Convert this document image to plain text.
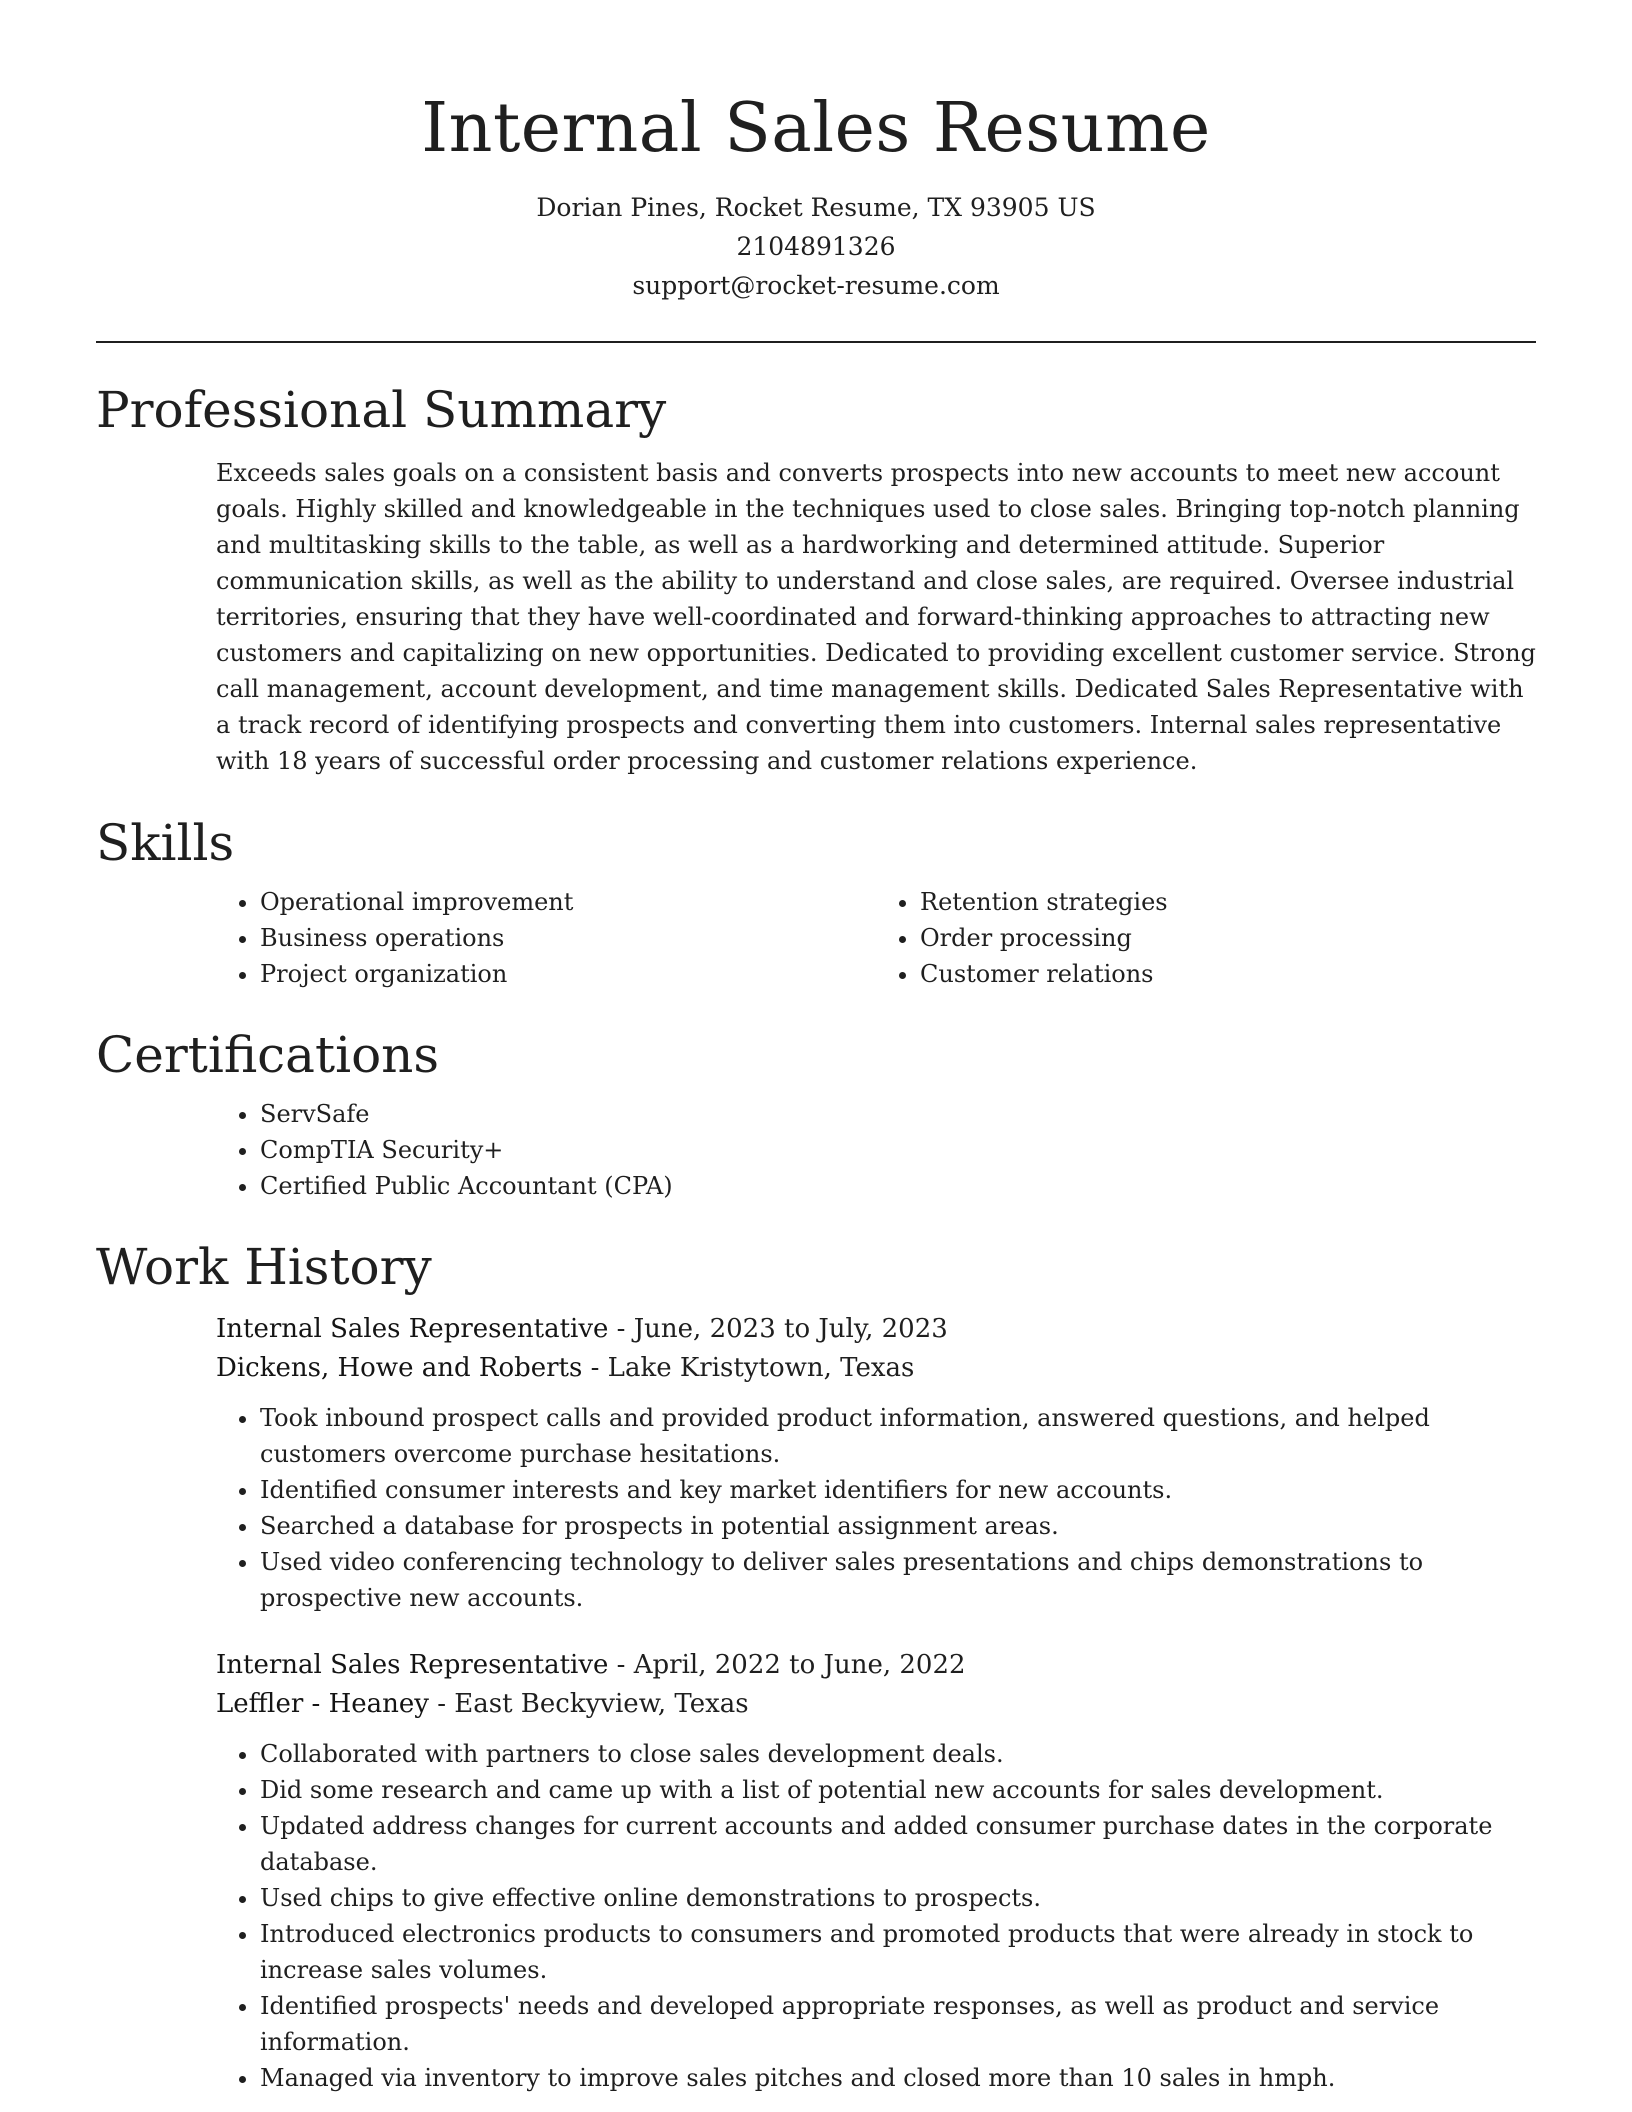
Internal Sales Resume
Dorian Pines, Rocket Resume, TX 93905 US
2104891326
support@rocket-resume.com
Professional Summary

Exceeds sales goals on a consistent basis and converts prospects into new accounts to meet new account goals. Highly skilled and knowledgeable in the techniques used to close sales. Bringing top-notch planning and multitasking skills to the table, as well as a hardworking and determined attitude. Superior communication skills, as well as the ability to understand and close sales, are required. Oversee industrial territories, ensuring that they have well-coordinated and forward-thinking approaches to attracting new customers and capitalizing on new opportunities. Dedicated to providing excellent customer service. Strong call management, account development, and time management skills. Dedicated Sales Representative with a track record of identifying prospects and converting them into customers. Internal sales representative with 18 years of successful order processing and customer relations experience.

Skills
• Operational improvement
• Business operations
• Project organization
• Retention strategies
• Order processing
• Customer relations
Certifications
• ServSafe
• CompTIA Security+
• Certified Public Accountant (CPA)
Work History
Internal Sales Representative - June, 2023 to July, 2023
Dickens, Howe and Roberts - Lake Kristytown, Texas
• Took inbound prospect calls and provided product information, answered questions, and helped customers overcome purchase hesitations.
• Identified consumer interests and key market identifiers for new accounts.
• Searched a database for prospects in potential assignment areas.
• Used video conferencing technology to deliver sales presentations and chips demonstrations to prospective new accounts.
Internal Sales Representative - April, 2022 to June, 2022
Leffler - Heaney - East Beckyview, Texas
• Collaborated with partners to close sales development deals.
• Did some research and came up with a list of potential new accounts for sales development.
• Updated address changes for current accounts and added consumer purchase dates in the corporate database.
• Used chips to give effective online demonstrations to prospects.
• Introduced electronics products to consumers and promoted products that were already in stock to increase sales volumes.
• Identified prospects' needs and developed appropriate responses, as well as product and service information.
• Managed via inventory to improve sales pitches and closed more than 10 sales in hmph.
